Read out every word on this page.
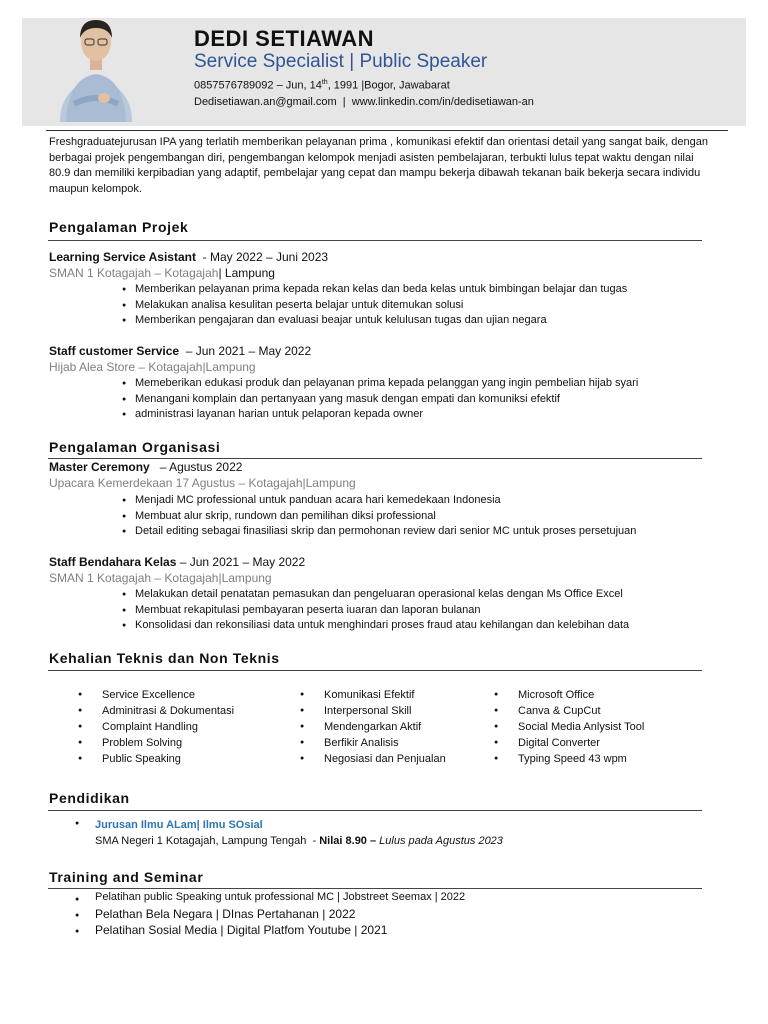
DEDI SETIAWAN
Service Specialist | Public Speaker
0857576789092 – Jun, 14th, 1991 |Bogor, Jawabarat
Dedisetiawan.an@gmail.com  |  www.linkedin.com/in/dedisetiawan-an
Freshgraduatejurusan IPA yang terlatih memberikan pelayanan prima , komunikasi efektif dan orientasi detail yang sangat baik, dengan berbagai projek pengembangan diri, pengembangan kelompok menjadi asisten pembelajaran, terbukti lulus tepat waktu dengan nilai 80.9 dan memiliki kerpibadian yang adaptif, pembelajar yang cepat dan mampu bekerja dibawah tekanan baik bekerja secara individu maupun kelompok.
Pengalaman Projek
Learning Service Asistant  - May 2022 – Juni 2023
SMAN 1 Kotagajah – Kotagajah| Lampung
● Memberikan pelayanan prima kepada rekan kelas dan beda kelas untuk bimbingan belajar dan tugas
● Melakukan analisa kesulitan peserta belajar untuk ditemukan solusi
● Memberikan pengajaran dan evaluasi beajar untuk kelulusan tugas dan ujian negara
Staff customer Service  – Jun 2021 – May 2022
Hijab Alea Store – Kotagajah|Lampung
● Memeberikan edukasi produk dan pelayanan prima kepada pelanggan yang ingin pembelian hijab syari
● Menangani komplain dan pertanyaan yang masuk dengan empati dan komuniksi efektif
● administrasi layanan harian untuk pelaporan kepada owner
Pengalaman Organisasi
Master Ceremony   – Agustus 2022
Upacara Kemerdekaan 17 Agustus – Kotagajah|Lampung
● Menjadi MC professional untuk panduan acara hari kemedekaan Indonesia
● Membuat alur skrip, rundown dan pemilihan diksi professional
● Detail editing sebagai finasiliasi skrip dan permohonan review dari senior MC untuk proses persetujuan
Staff Bendahara Kelas – Jun 2021 – May 2022
SMAN 1 Kotagajah – Kotagajah|Lampung
● Melakukan detail penatatan pemasukan dan pengeluaran operasional kelas dengan Ms Office Excel
● Membuat rekapitulasi pembayaran peserta iuaran dan laporan bulanan
● Konsolidasi dan rekonsiliasi data untuk menghindari proses fraud atau kehilangan dan kelebihan data
Kehalian Teknis dan Non Teknis
● Service Excellence
● Adminitrasi & Dokumentasi
● Complaint Handling
● Problem Solving
● Public Speaking
● Komunikasi Efektif
● Interpersonal Skill
● Mendengarkan Aktif
● Berfikir Analisis
● Negosiasi dan Penjualan
● Microsoft Office
● Canva & CupCut
● Social Media Anlysist Tool
● Digital Converter
● Typing Speed 43 wpm
Pendidikan
● Jurusan Ilmu ALam| Ilmu SOsial
SMA Negeri 1 Kotagajah, Lampung Tengah  - Nilai 8.90 – Lulus pada Agustus 2023
Training and Seminar
● Pelatihan public Speaking untuk professional MC | Jobstreet Seemax | 2022
● Pelathan Bela Negara | DInas Pertahanan | 2022
● Pelatihan Sosial Media | Digital Platfom Youtube | 2021
